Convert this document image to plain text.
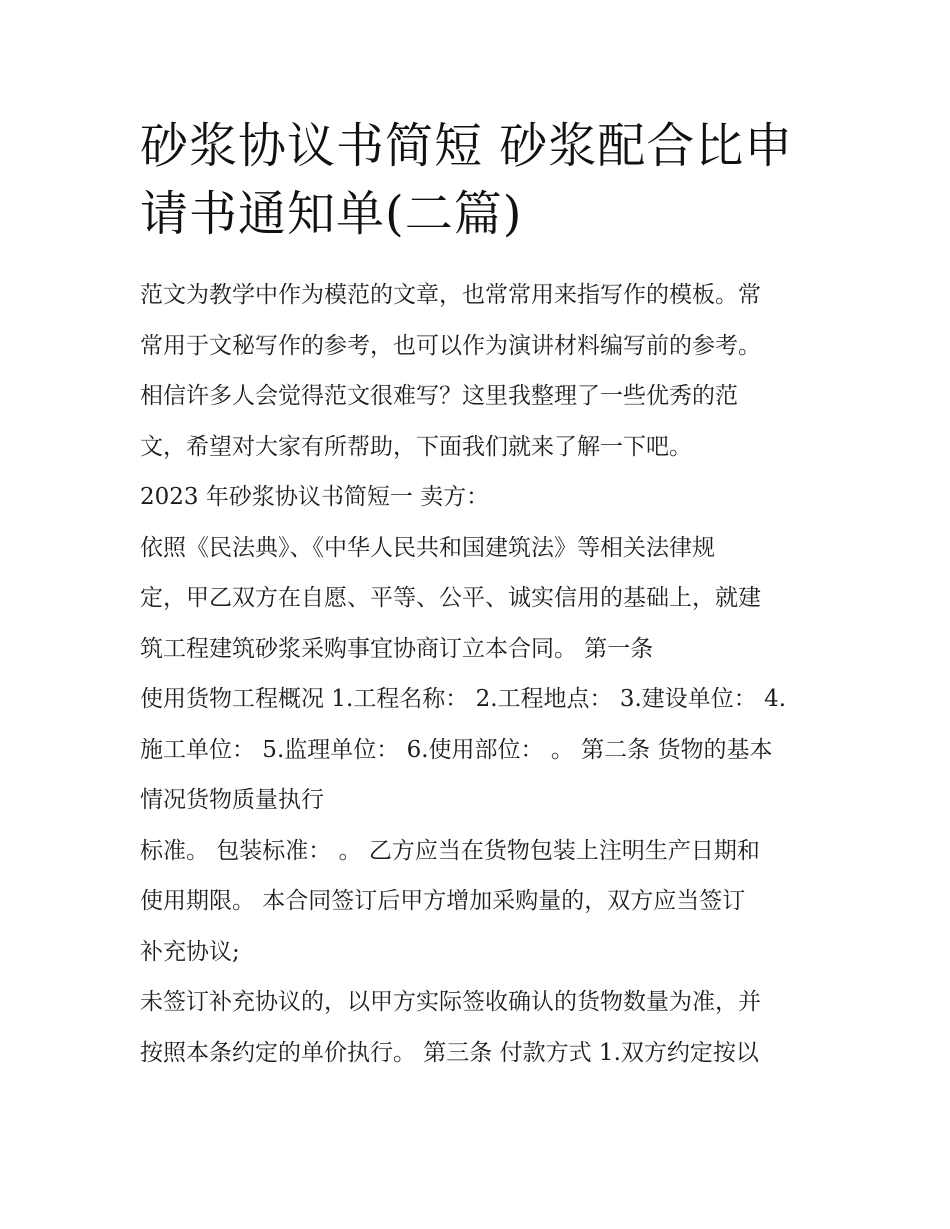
砂浆协议书简短 砂浆配合比申
请书通知单(二篇)

范文为教学中作为模范的文章，也常常用来指写作的模板。常
常用于文秘写作的参考，也可以作为演讲材料编写前的参考。
相信许多人会觉得范文很难写？这里我整理了一些优秀的范
文，希望对大家有所帮助，下面我们就来了解一下吧。

2023 年砂浆协议书简短一 卖方：

依照《民法典》、《中华人民共和国建筑法》等相关法律规
定，甲乙双方在自愿、平等、公平、诚实信用的基础上，就建
筑工程建筑砂浆采购事宜协商订立本合同。 第一条

使用货物工程概况 1.工程名称： 2.工程地点： 3.建设单位： 4.
施工单位： 5.监理单位： 6.使用部位： 。 第二条 货物的基本
情况货物质量执行

标准。 包装标准： 。 乙方应当在货物包装上注明生产日期和
使用期限。 本合同签订后甲方增加采购量的，双方应当签订
补充协议;

未签订补充协议的，以甲方实际签收确认的货物数量为准，并
按照本条约定的单价执行。 第三条 付款方式 1.双方约定按以
